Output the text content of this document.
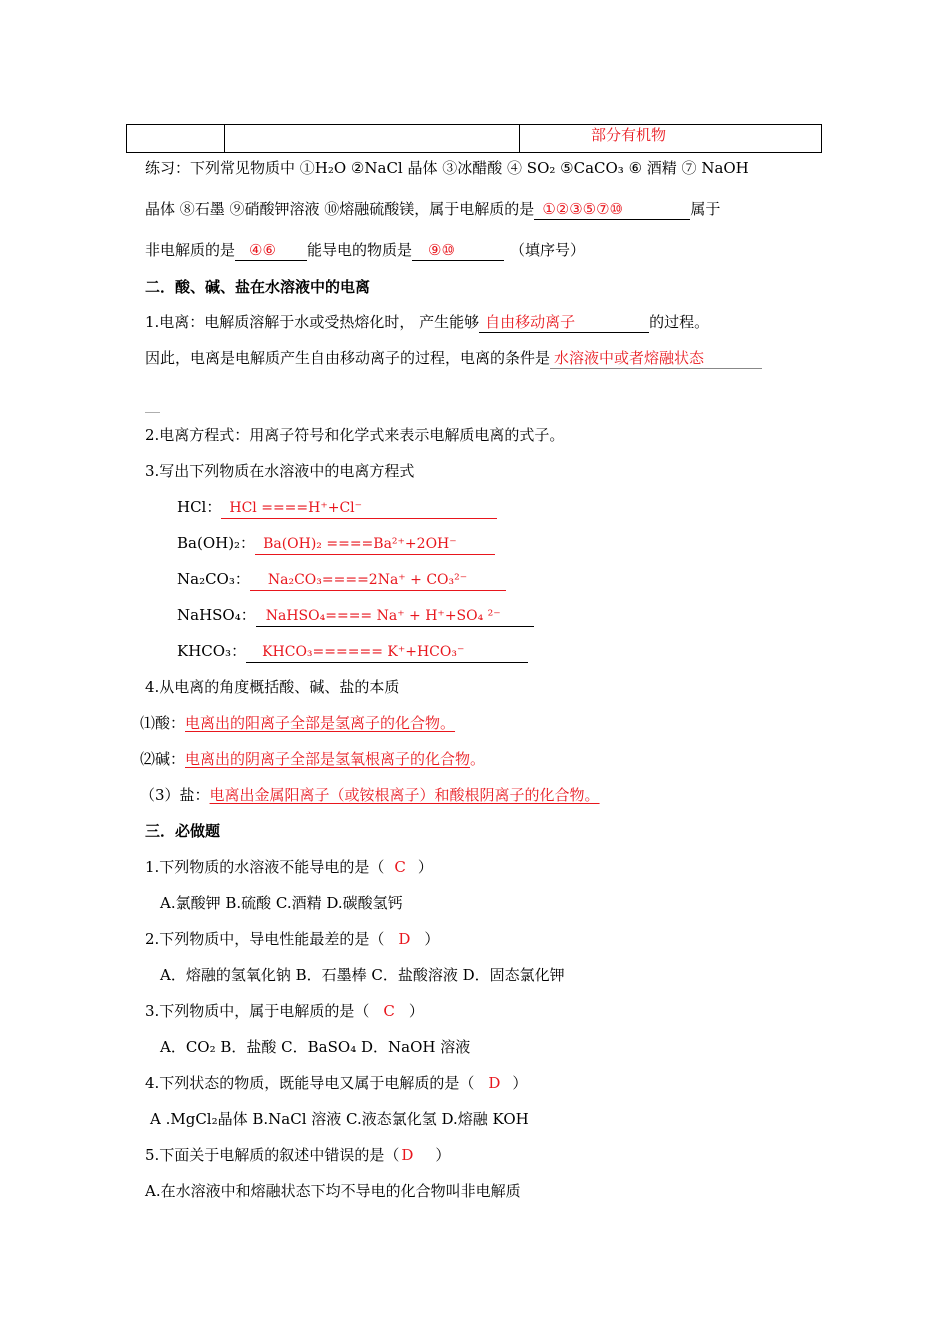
部分有机物
练习：下列常见物质中 ①H₂O ②NaCl 晶体 ③冰醋酸 ④ SO₂ ⑤CaCO₃ ⑥ 酒精 ⑦ NaOH
晶体 ⑧石墨 ⑨硝酸钾溶液 ⑩熔融硫酸镁，属于电解质的是 ①②③⑤⑦⑩	属于
非电解质的是 ④⑥ 能导电的物质是 ⑨⑩	（填序号）
二．酸、碱、盐在水溶液中的电离
1.电离：电解质溶解于水或受热熔化时， 产生能够 自由移动离子	的过程。
因此，电离是电解质产生自由移动离子的过程，电离的条件是 水溶液中或者熔融状态
__
2.电离方程式：用离子符号和化学式来表示电解质电离的式子。
3.写出下列物质在水溶液中的电离方程式
HCl： HCl ====H⁺+Cl⁻
Ba(OH)₂： Ba(OH)₂ ====Ba²⁺+2OH⁻
Na₂CO₃： Na₂CO₃====2Na⁺ + CO₃²⁻
NaHSO₄： NaHSO₄==== Na⁺ + H⁺+SO₄ ²⁻
KHCO₃： KHCO₃====== K⁺+HCO₃⁻
4.从电离的角度概括酸、碱、盐的本质
⑴酸：电离出的阳离子全部是氢离子的化合物。
⑵碱：电离出的阴离子全部是氢氧根离子的化合物。
（3）盐：电离出金属阳离子（或铵根离子）和酸根阴离子的化合物。
三．必做题
1.下列物质的水溶液不能导电的是（ C ）
A.氯酸钾 B.硫酸 C.酒精 D.碳酸氢钙
2.下列物质中，导电性能最差的是（ D ）
A．熔融的氢氧化钠 B．石墨棒 C．盐酸溶液 D．固态氯化钾
3.下列物质中，属于电解质的是（ C ）
A．CO₂ B．盐酸 C．BaSO₄ D．NaOH 溶液
4.下列状态的物质，既能导电又属于电解质的是（ D ）
A .MgCl₂晶体 B.NaCl 溶液 C.液态氯化氢 D.熔融 KOH
5.下面关于电解质的叙述中错误的是（ D ）
A.在水溶液中和熔融状态下均不导电的化合物叫非电解质
